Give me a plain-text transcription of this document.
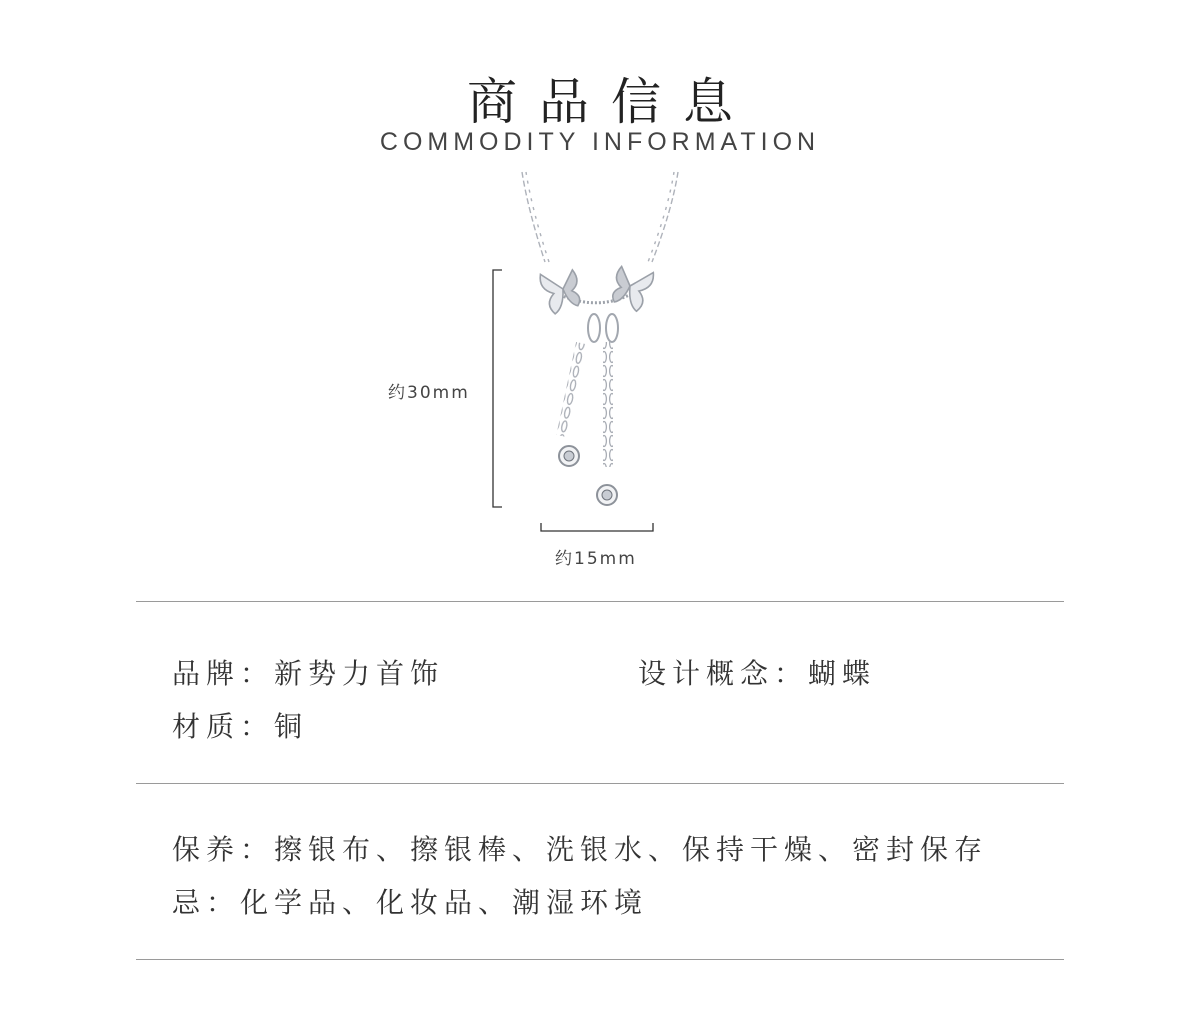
商品信息
COMMODITY INFORMATION
约30mm
约15mm
品牌：新势力首饰	设计概念：蝴蝶
材质：铜
保养：擦银布、擦银棒、洗银水、保持干燥、密封保存
忌：化学品、化妆品、潮湿环境
